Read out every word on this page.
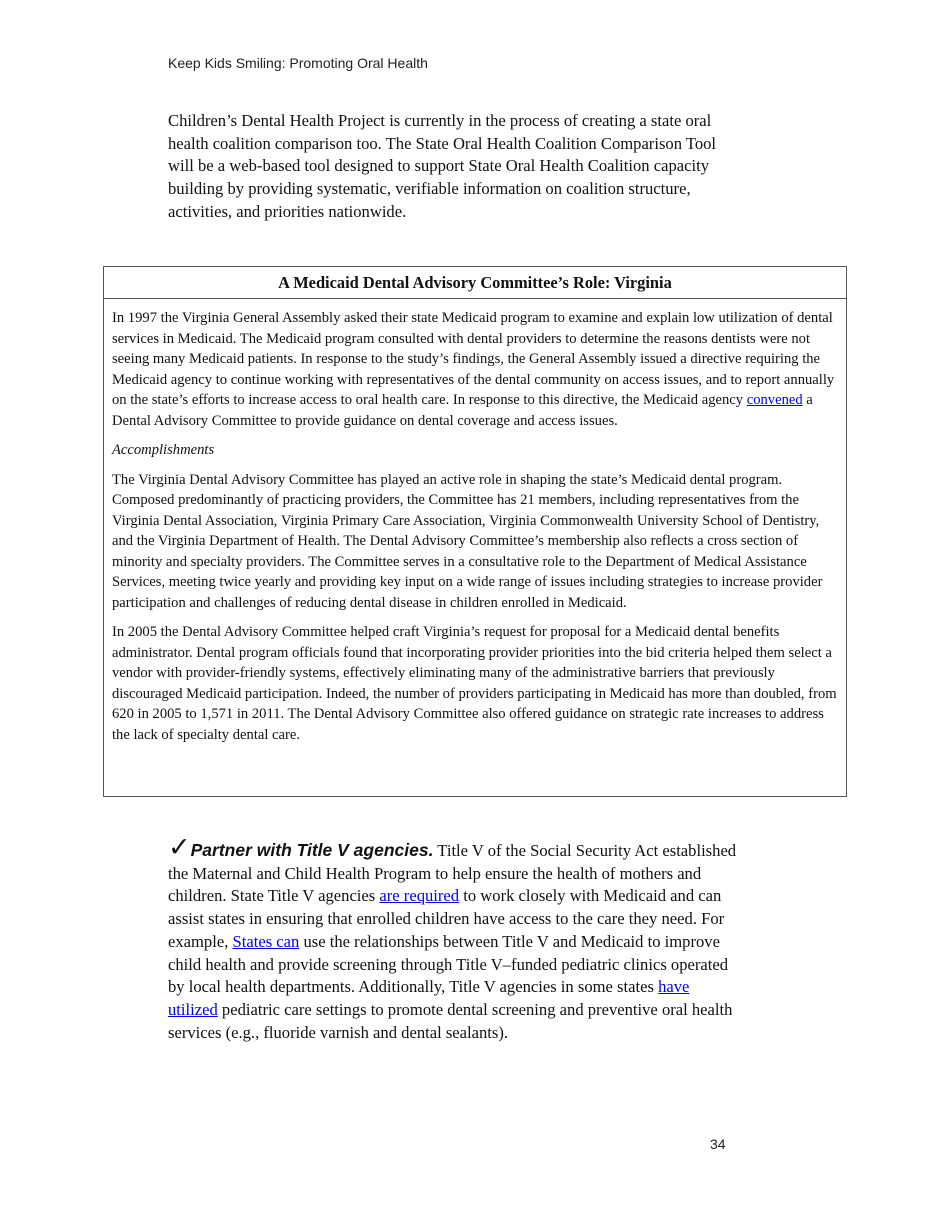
Keep Kids Smiling: Promoting Oral Health

Children’s Dental Health Project is currently in the process of creating a state oral health coalition comparison too. The State Oral Health Coalition Comparison Tool will be a web-based tool designed to support State Oral Health Coalition capacity building by providing systematic, verifiable information on coalition structure, activities, and priorities nationwide.

A Medicaid Dental Advisory Committee’s Role: Virginia

In 1997 the Virginia General Assembly asked their state Medicaid program to examine and explain low utilization of dental services in Medicaid. The Medicaid program consulted with dental providers to determine the reasons dentists were not seeing many Medicaid patients. In response to the study’s findings, the General Assembly issued a directive requiring the Medicaid agency to continue working with representatives of the dental community on access issues, and to report annually on the state’s efforts to increase access to oral health care. In response to this directive, the Medicaid agency convened a Dental Advisory Committee to provide guidance on dental coverage and access issues.

Accomplishments

The Virginia Dental Advisory Committee has played an active role in shaping the state’s Medicaid dental program. Composed predominantly of practicing providers, the Committee has 21 members, including representatives from the Virginia Dental Association, Virginia Primary Care Association, Virginia Commonwealth University School of Dentistry, and the Virginia Department of Health. The Dental Advisory Committee’s membership also reflects a cross section of minority and specialty providers. The Committee serves in a consultative role to the Department of Medical Assistance Services, meeting twice yearly and providing key input on a wide range of issues including strategies to increase provider participation and challenges of reducing dental disease in children enrolled in Medicaid.

In 2005 the Dental Advisory Committee helped craft Virginia’s request for proposal for a Medicaid dental benefits administrator. Dental program officials found that incorporating provider priorities into the bid criteria helped them select a vendor with provider-friendly systems, effectively eliminating many of the administrative barriers that previously discouraged Medicaid participation. Indeed, the number of providers participating in Medicaid has more than doubled, from 620 in 2005 to 1,571 in 2011. The Dental Advisory Committee also offered guidance on strategic rate increases to address the lack of specialty dental care.

✓Partner with Title V agencies. Title V of the Social Security Act established the Maternal and Child Health Program to help ensure the health of mothers and children. State Title V agencies are required to work closely with Medicaid and can assist states in ensuring that enrolled children have access to the care they need. For example, States can use the relationships between Title V and Medicaid to improve child health and provide screening through Title V–funded pediatric clinics operated by local health departments. Additionally, Title V agencies in some states have utilized pediatric care settings to promote dental screening and preventive oral health services (e.g., fluoride varnish and dental sealants).

34
